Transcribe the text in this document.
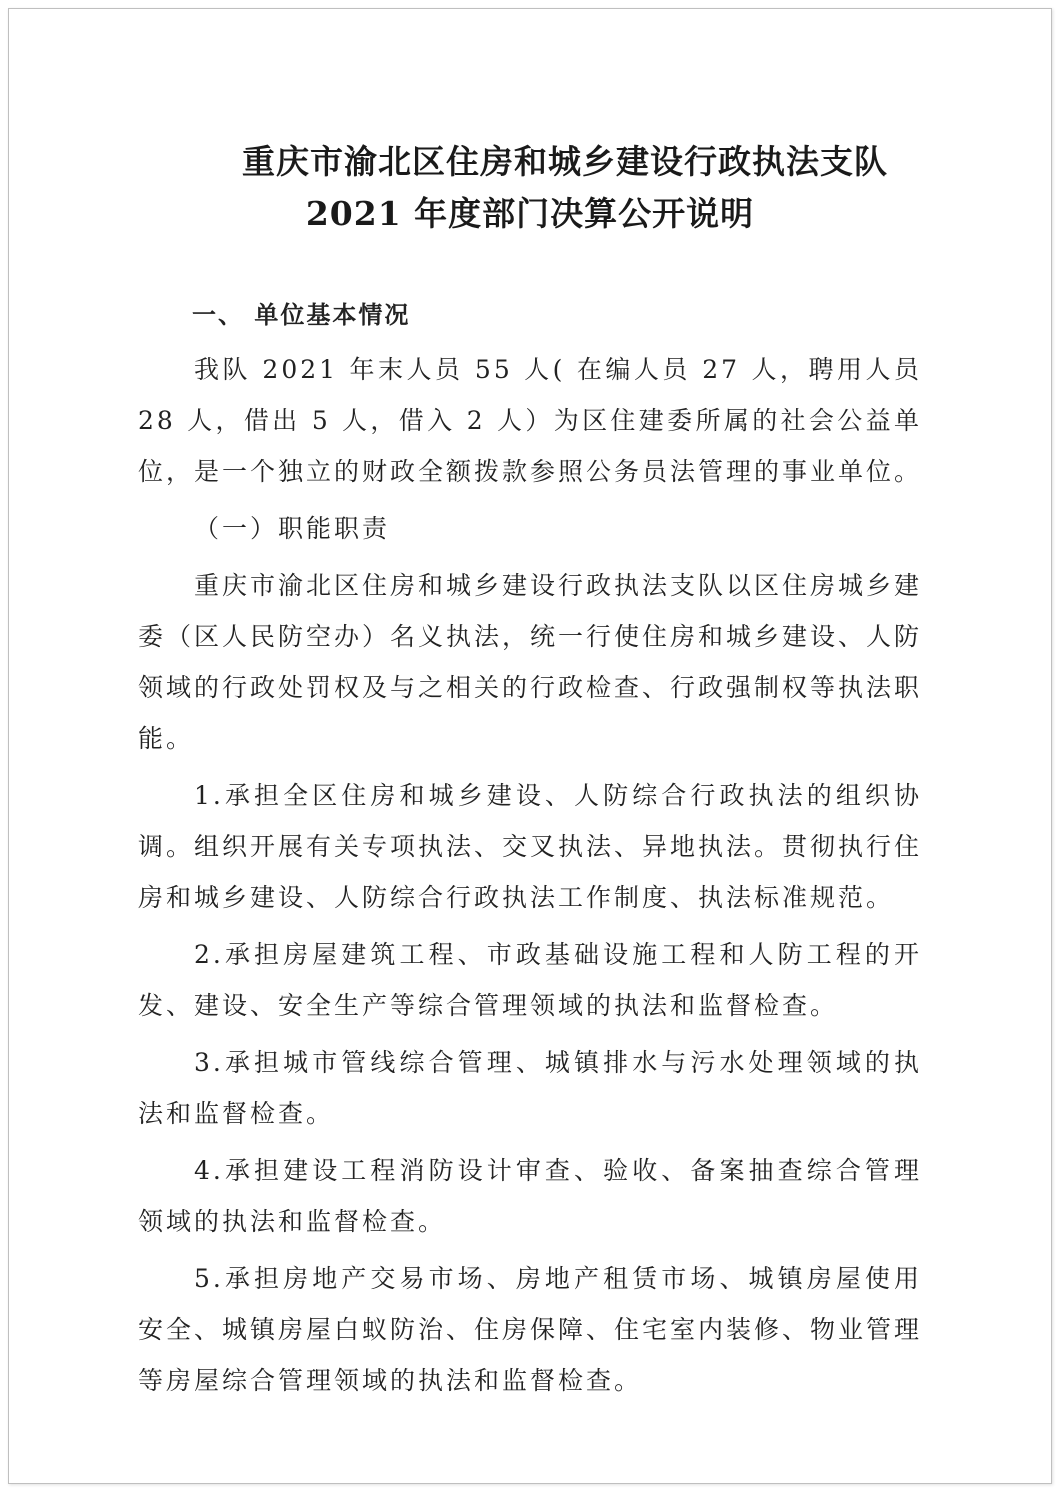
重庆市渝北区住房和城乡建设行政执法支队
2021 年度部门决算公开说明
一、 单位基本情况

我队 2021 年末人员 55 人( 在编人员 27 人，聘用人员 28 人，借出 5 人，借入 2 人）为区住建委所属的社会公益单位，是一个独立的财政全额拨款参照公务员法管理的事业单位。

（一）职能职责

重庆市渝北区住房和城乡建设行政执法支队以区住房城乡建委（区人民防空办）名义执法，统一行使住房和城乡建设、人防领域的行政处罚权及与之相关的行政检查、行政强制权等执法职能。

1.承担全区住房和城乡建设、人防综合行政执法的组织协调。组织开展有关专项执法、交叉执法、异地执法。贯彻执行住房和城乡建设、人防综合行政执法工作制度、执法标准规范。

2.承担房屋建筑工程、市政基础设施工程和人防工程的开发、建设、安全生产等综合管理领域的执法和监督检查。

3.承担城市管线综合管理、城镇排水与污水处理领域的执法和监督检查。

4.承担建设工程消防设计审查、验收、备案抽查综合管理领域的执法和监督检查。

5.承担房地产交易市场、房地产租赁市场、城镇房屋使用安全、城镇房屋白蚁防治、住房保障、住宅室内装修、物业管理等房屋综合管理领域的执法和监督检查。
